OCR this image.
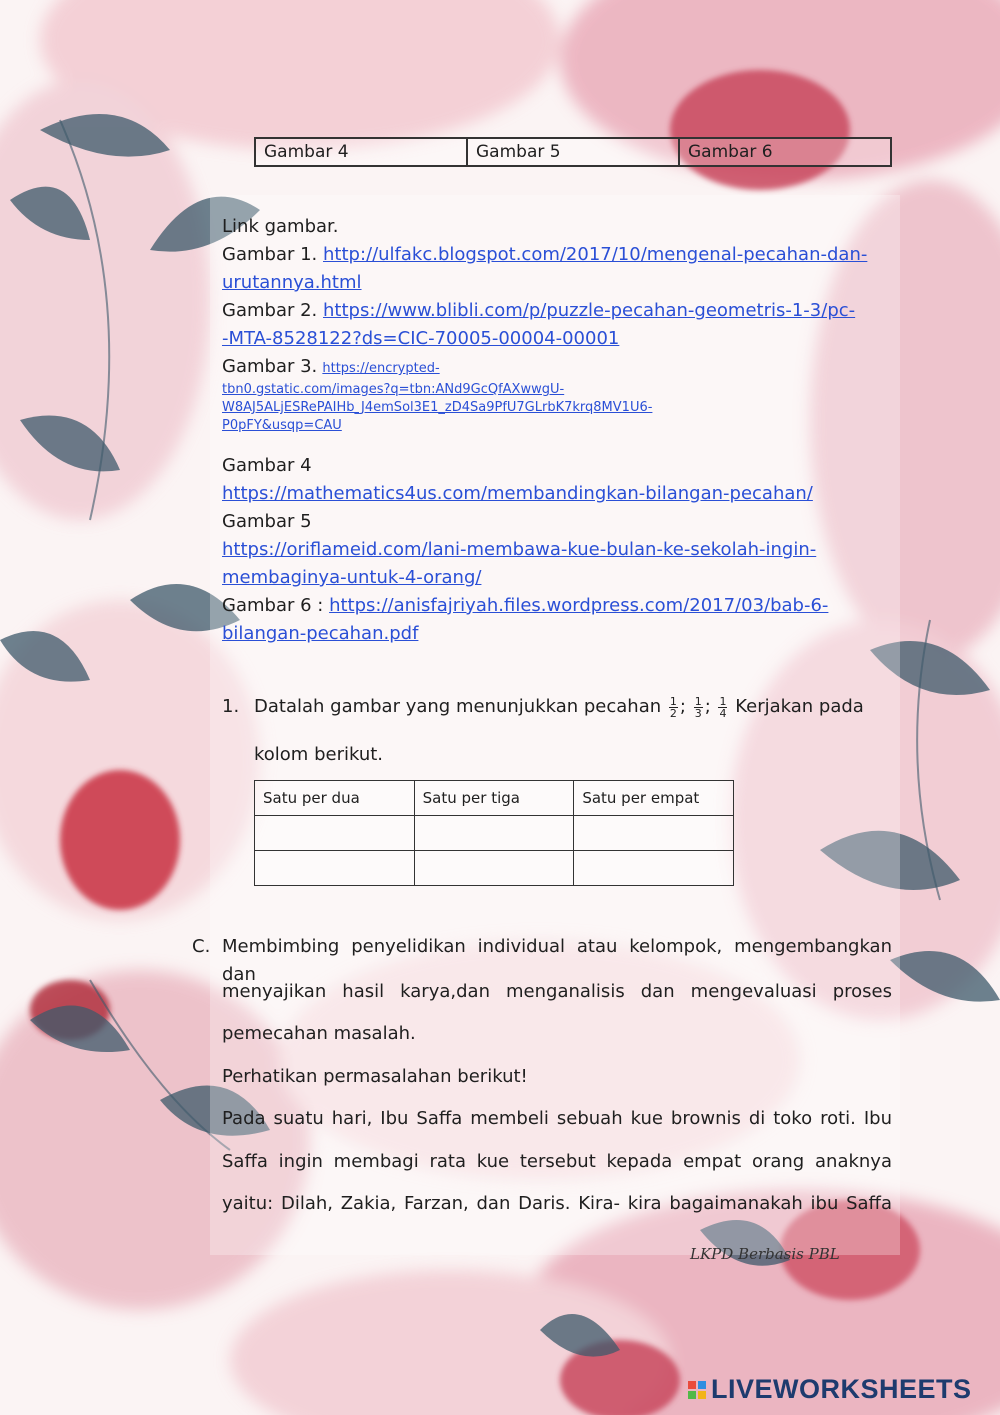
Gambar 4	Gambar 5	Gambar 6
Link gambar.
Gambar 1. http://ulfakc.blogspot.com/2017/10/mengenal-pecahan-dan-
urutannya.html
Gambar 2. https://www.blibli.com/p/puzzle-pecahan-geometris-1-3/pc-
-MTA-8528122?ds=CIC-70005-00004-00001
Gambar 3. https://encrypted-
tbn0.gstatic.com/images?q=tbn:ANd9GcQfAXwwgU-
W8AJ5ALjESRePAIHb_J4emSol3E1_zD4Sa9PfU7GLrbK7krq8MV1U6-
P0pFY&usqp=CAU
Gambar 4
https://mathematics4us.com/membandingkan-bilangan-pecahan/
Gambar 5
https://oriflameid.com/lani-membawa-kue-bulan-ke-sekolah-ingin-
membaginya-untuk-4-orang/
Gambar 6 : https://anisfajriyah.files.wordpress.com/2017/03/bab-6-
bilangan-pecahan.pdf
1. Datalah gambar yang menunjukkan pecahan $\frac{1}{2}$ ; $\frac{1}{3}$ ; $\frac{1}{4}$ Kerjakan pada
kolom berikut.
Satu per dua	Satu per tiga	Satu per empat

C. Membimbing penyelidikan individual atau kelompok, mengembangkan dan
menyajikan hasil karya,dan menganalisis dan mengevaluasi proses
pemecahan masalah.
Perhatikan permasalahan berikut!
Pada suatu hari, Ibu Saffa membeli sebuah kue brownis di toko roti. Ibu
Saffa ingin membagi rata kue tersebut kepada empat orang anaknya
yaitu: Dilah, Zakia, Farzan, dan Daris. Kira- kira bagaimanakah ibu Saffa
LKPD Berbasis PBL
LIVEWORKSHEETS
